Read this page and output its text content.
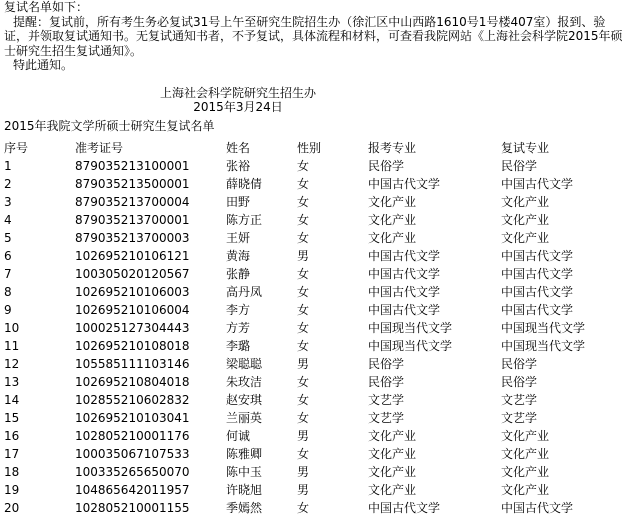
复试名单如下：
提醒：复试前，所有考生务必复试31号上午至研究生院招生办（徐汇区中山西路1610号1号楼407室）报到、验
证，并领取复试通知书。无复试通知书者，不予复试，具体流程和材料，可查看我院网站《上海社会科学院2015年硕
士研究生招生复试通知》。
特此通知。
上海社会科学院研究生招生办
2015年3月24日
2015年我院文学所硕士研究生复试名单
序号	准考证号	姓名	性别	报考专业	复试专业
1	879035213100001	张裕	女	民俗学	民俗学
2	879035213500001	薛晓倩	女	中国古代文学	中国古代文学
3	879035213700004	田野	女	文化产业	文化产业
4	879035213700001	陈方正	女	文化产业	文化产业
5	879035213700003	王妍	女	文化产业	文化产业
6	102695210106121	黄海	男	中国古代文学	中国古代文学
7	100305020120567	张静	女	中国古代文学	中国古代文学
8	102695210106003	高丹凤	女	中国古代文学	中国古代文学
9	102695210106004	李方	女	中国古代文学	中国古代文学
10	100025127304443	方芳	女	中国现当代文学	中国现当代文学
11	102695210108018	李璐	女	中国现当代文学	中国现当代文学
12	105585111103146	梁聪聪	男	民俗学	民俗学
13	102695210804018	朱玫洁	女	民俗学	民俗学
14	102855210602832	赵安琪	女	文艺学	文艺学
15	102695210103041	兰丽英	女	文艺学	文艺学
16	102805210001176	何诚	男	文化产业	文化产业
17	100035067107533	陈雅卿	女	文化产业	文化产业
18	100335265650070	陈中玉	男	文化产业	文化产业
19	104865642011957	许晓旭	男	文化产业	文化产业
20	102805210001155	季嫣然	女	中国古代文学	中国古代文学
